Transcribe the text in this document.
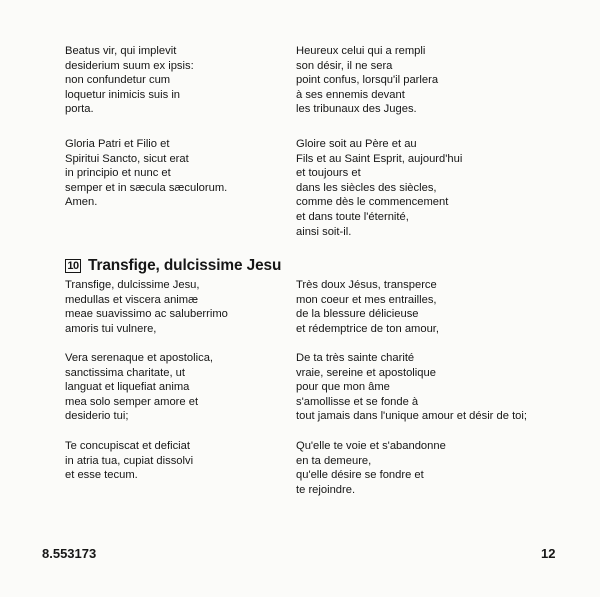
Beatus vir, qui implevit
desiderium suum ex ipsis:
non confundetur cum
loquetur inimicis suis in
porta.
Gloria Patri et Filio et
Spiritui Sancto, sicut erat
in principio et nunc et
semper et in sæcula sæculorum.
Amen.
Heureux celui qui a rempli
son désir, il ne sera
point confus, lorsqu'il parlera
à ses ennemis devant
les tribunaux des Juges.
Gloire soit au Père et au
Fils et au Saint Esprit, aujourd'hui
et toujours et
dans les siècles des siècles,
comme dès le commencement
et dans toute l'éternité,
ainsi soit-il.
10 Transfige, dulcissime Jesu
Transfige, dulcissime Jesu,
medullas et viscera animæ
meae suavissimo ac saluberrimo
amoris tui vulnere,
Vera serenaque et apostolica,
sanctissima charitate, ut
languat et liquefiat anima
mea solo semper amore et
desiderio tui;
Te concupiscat et deficiat
in atria tua, cupiat dissolvi
et esse tecum.
Très doux Jésus, transperce
mon coeur et mes entrailles,
de la blessure délicieuse
et rédemptrice de ton amour,
De ta très sainte charité
vraie, sereine et apostolique
pour que mon âme
s'amollisse et se fonde à
tout jamais dans l'unique amour et désir de toi;
Qu'elle te voie et s'abandonne
en ta demeure,
qu'elle désire se fondre et
te rejoindre.
8.553173	12
